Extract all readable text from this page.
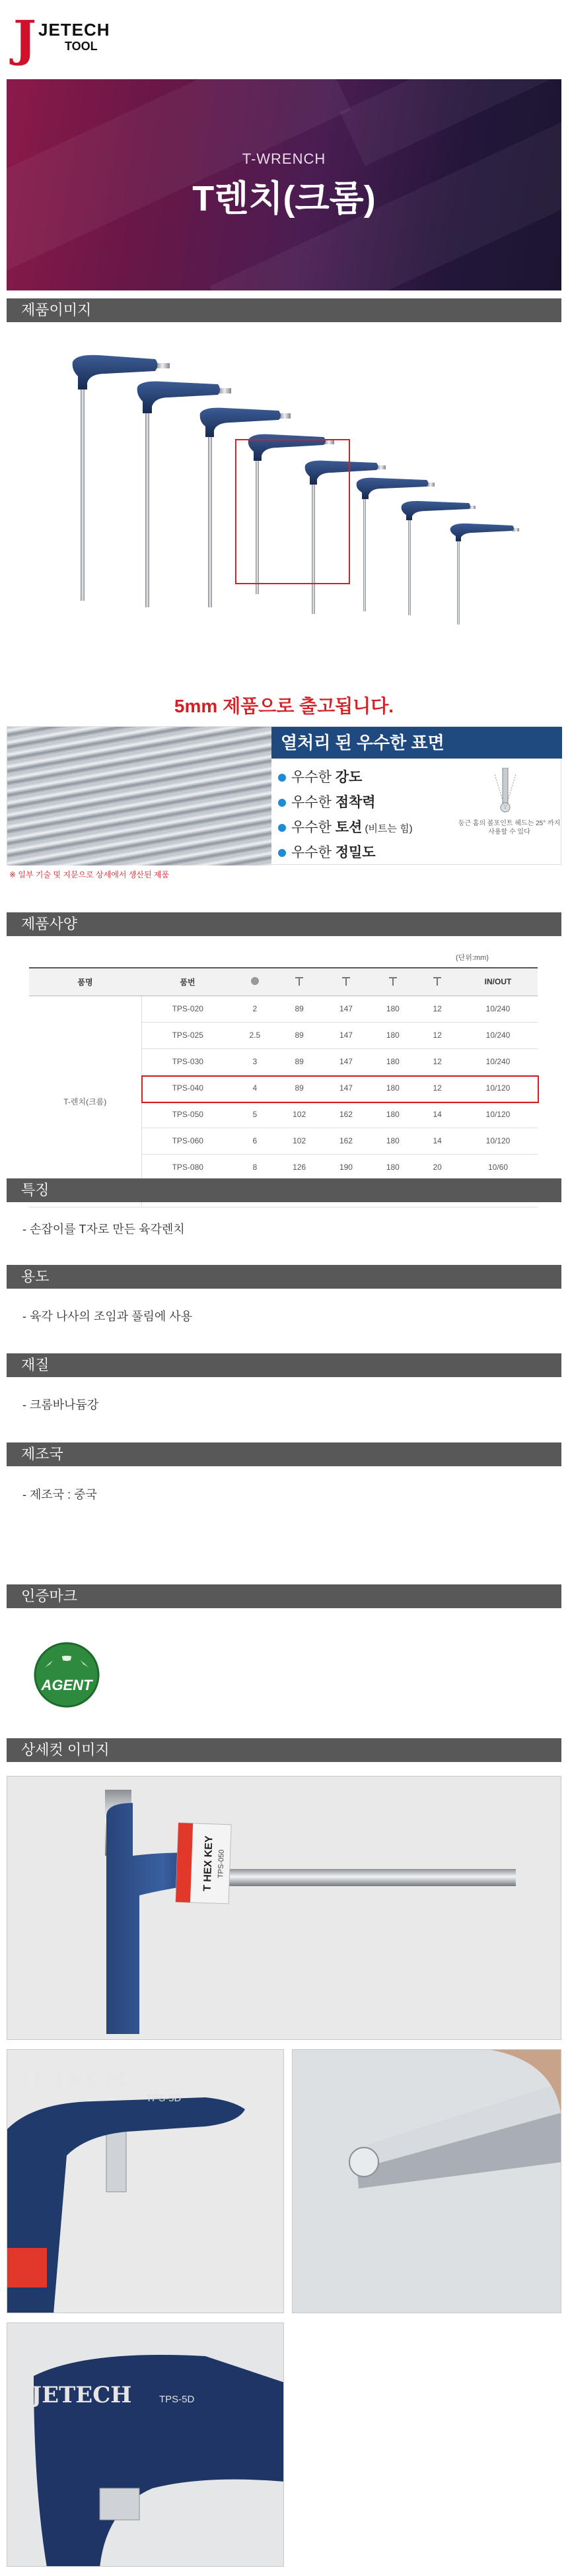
J JETECH
TOOL
T-WRENCH
T렌치(크롬)
제품이미지
5mm 제품으로 출고됩니다.
열처리 된 우수한 표면
우수한 강도
우수한 점착력
우수한 토션 (비트는 힘)
우수한 정밀도
둥근 홈의 볼포인트 헤드는 25° 까지 사용할 수 있다
※ 일부 기술 및 지문으로 상세에서 생산된 제품
제품사양
(단위:mm)
품명	품번						IN/OUT
T-렌치(크롬)	TPS-020	2	89	147	180	12	10/240
	TPS-025	2.5	89	147	180	12	10/240
	TPS-030	3	89	147	180	12	10/240
	TPS-040	4	89	147	180	12	10/120
	TPS-050	5	102	162	180	14	10/120
	TPS-060	6	102	162	180	14	10/120
	TPS-080	8	126	190	180	20	10/60

특징
- 손잡이를 T자로 만든 육각렌치
용도
- 육각 나사의 조임과 풀림에 사용
재질
- 크롬바나듐강
제조국
- 제조국 : 중국
인증마크
AGENT
상세컷 이미지
T HEX KEY TPS-050
JETECH
TPS-5D
JETECH	TPS-5D
